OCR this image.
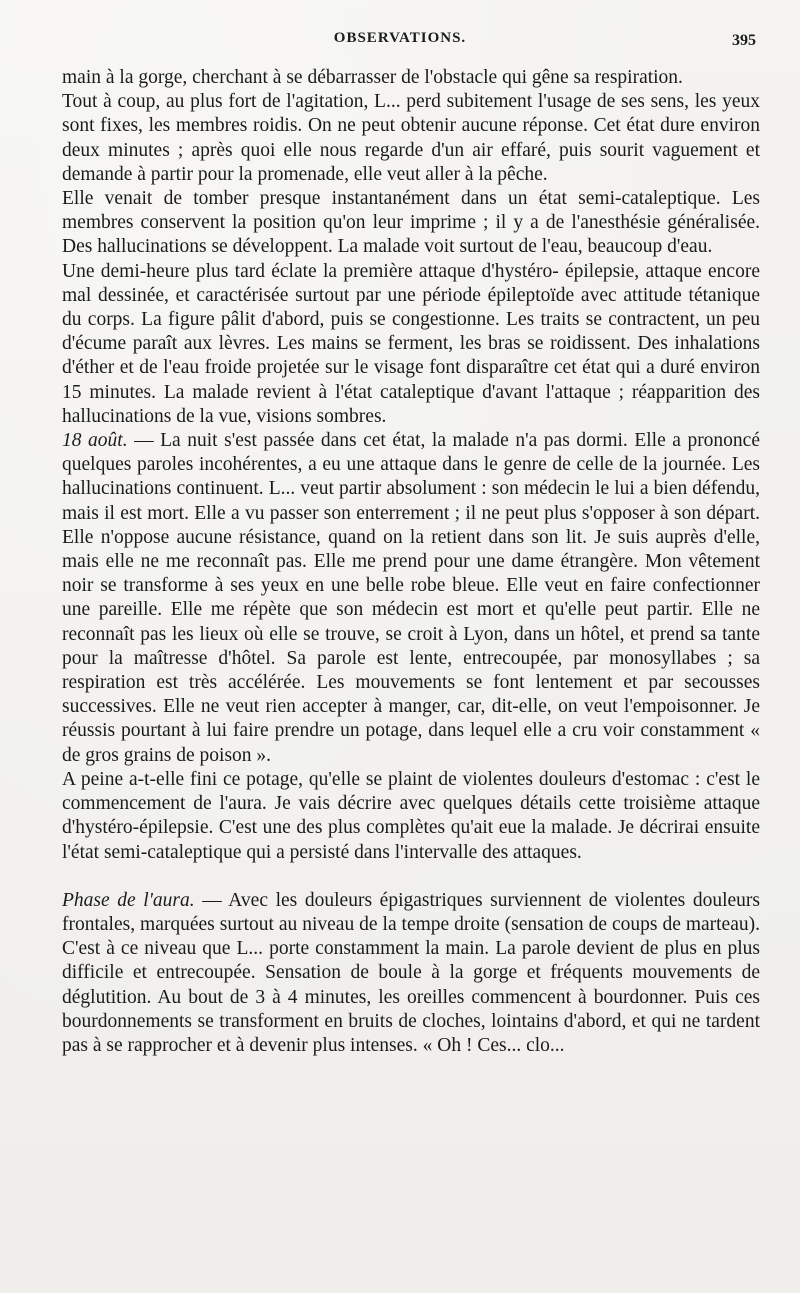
OBSERVATIONS.	395

main à la gorge, cherchant à se débarrasser de l'obstacle qui gêne sa respiration.

Tout à coup, au plus fort de l'agitation, L... perd subitement l'usage de ses sens, les yeux sont fixes, les membres roidis. On ne peut obtenir aucune réponse. Cet état dure environ deux minutes ; après quoi elle nous regarde d'un air effaré, puis sourit vaguement et demande à partir pour la promenade, elle veut aller à la pêche.

Elle venait de tomber presque instantanément dans un état semi-cataleptique. Les membres conservent la position qu'on leur imprime ; il y a de l'anesthésie généralisée. Des hallucinations se développent. La malade voit surtout de l'eau, beaucoup d'eau.

Une demi-heure plus tard éclate la première attaque d'hystéro- épilepsie, attaque encore mal dessinée, et caractérisée surtout par une période épileptoïde avec attitude tétanique du corps. La figure pâlit d'abord, puis se congestionne. Les traits se contractent, un peu d'écume paraît aux lèvres. Les mains se ferment, les bras se roidissent. Des inhalations d'éther et de l'eau froide projetée sur le visage font disparaître cet état qui a duré environ 15 minutes. La malade revient à l'état cataleptique d'avant l'attaque ; réapparition des hallucinations de la vue, visions sombres.

18 août. — La nuit s'est passée dans cet état, la malade n'a pas dormi. Elle a prononcé quelques paroles incohérentes, a eu une attaque dans le genre de celle de la journée. Les hallucinations continuent. L... veut partir absolument : son médecin le lui a bien défendu, mais il est mort. Elle a vu passer son enterrement ; il ne peut plus s'opposer à son départ. Elle n'oppose aucune résistance, quand on la retient dans son lit. Je suis auprès d'elle, mais elle ne me reconnaît pas. Elle me prend pour une dame étrangère. Mon vêtement noir se transforme à ses yeux en une belle robe bleue. Elle veut en faire confectionner une pareille. Elle me répète que son médecin est mort et qu'elle peut partir. Elle ne reconnaît pas les lieux où elle se trouve, se croit à Lyon, dans un hôtel, et prend sa tante pour la maîtresse d'hôtel. Sa parole est lente, entrecoupée, par monosyllabes ; sa respiration est très accélérée. Les mouvements se font lentement et par secousses successives. Elle ne veut rien accepter à manger, car, dit-elle, on veut l'empoisonner. Je réussis pourtant à lui faire prendre un potage, dans lequel elle a cru voir constamment « de gros grains de poison ».

A peine a-t-elle fini ce potage, qu'elle se plaint de violentes douleurs d'estomac : c'est le commencement de l'aura. Je vais décrire avec quelques détails cette troisième attaque d'hystéro-épilepsie. C'est une des plus complètes qu'ait eue la malade. Je décrirai ensuite l'état semi-cataleptique qui a persisté dans l'intervalle des attaques.

Phase de l'aura. — Avec les douleurs épigastriques surviennent de violentes douleurs frontales, marquées surtout au niveau de la tempe droite (sensation de coups de marteau). C'est à ce niveau que L... porte constamment la main. La parole devient de plus en plus difficile et entrecoupée. Sensation de boule à la gorge et fréquents mouvements de déglutition. Au bout de 3 à 4 minutes, les oreilles commencent à bourdonner. Puis ces bourdonnements se transforment en bruits de cloches, lointains d'abord, et qui ne tardent pas à se rapprocher et à devenir plus intenses. « Oh ! Ces... clo...
